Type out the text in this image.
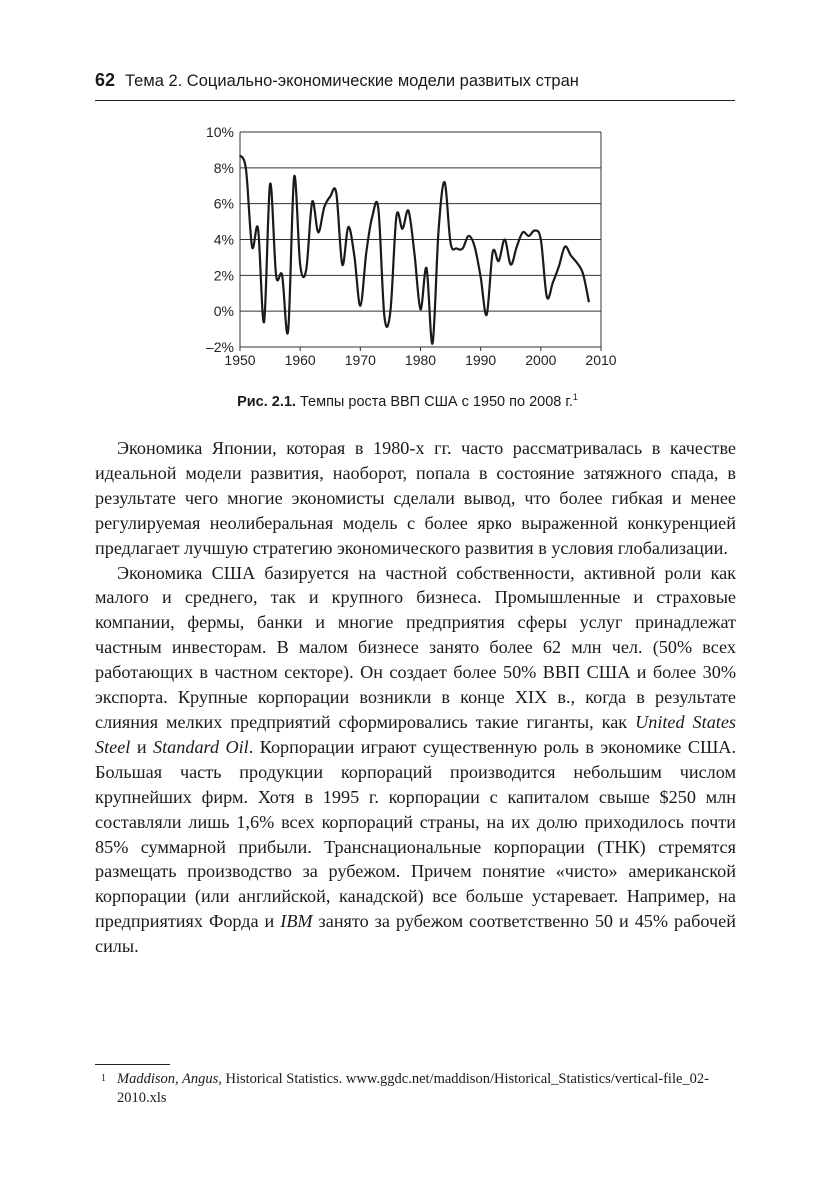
62 Тема 2. Социально-экономические модели развитых стран
10%
8%
6%
4%
2%
0%
–2%
1950 1960 1970 1980 1990 2000 2010
Рис. 2.1. Темпы роста ВВП США с 1950 по 2008 г.$^1$

Экономика Японии, которая в 1980-х гг. часто рассматривалась в качестве идеальной модели развития, наоборот, попала в состояние затяжного спада, в результате чего многие экономисты сделали вывод, что более гибкая и менее регулируемая неолиберальная модель с более ярко выраженной конкуренцией предлагает лучшую стратегию экономического развития в условия глобализации.

Экономика США базируется на частной собственности, активной роли как малого и среднего, так и крупного бизнеса. Промышленные и страховые компании, фермы, банки и многие предприятия сферы услуг принадлежат частным инвесторам. В малом бизнесе занято более 62 млн чел. (50% всех работающих в частном секторе). Он создает более 50% ВВП США и более 30% экспорта. Крупные корпорации возникли в конце XIX в., когда в результате слияния мелких предприятий сформировались такие гиганты, как United States Steel и Standard Oil. Корпорации играют существенную роль в экономике США. Большая часть продукции корпораций производится небольшим числом крупнейших фирм. Хотя в 1995 г. корпорации с капиталом свыше $250 млн составляли лишь 1,6% всех корпораций страны, на их долю приходилось почти 85% суммарной прибыли. Транснациональные корпорации (ТНК) стремятся размещать производство за рубежом. Причем понятие «чисто» американской корпорации (или английской, канадской) все больше устаревает. Например, на предприятиях Форда и IBM занято за рубежом соответственно 50 и 45% рабочей силы.

1 Maddison, Angus, Historical Statistics. www.ggdc.net/maddison/Historical_Statistics/vertical-file_02-2010.xls
